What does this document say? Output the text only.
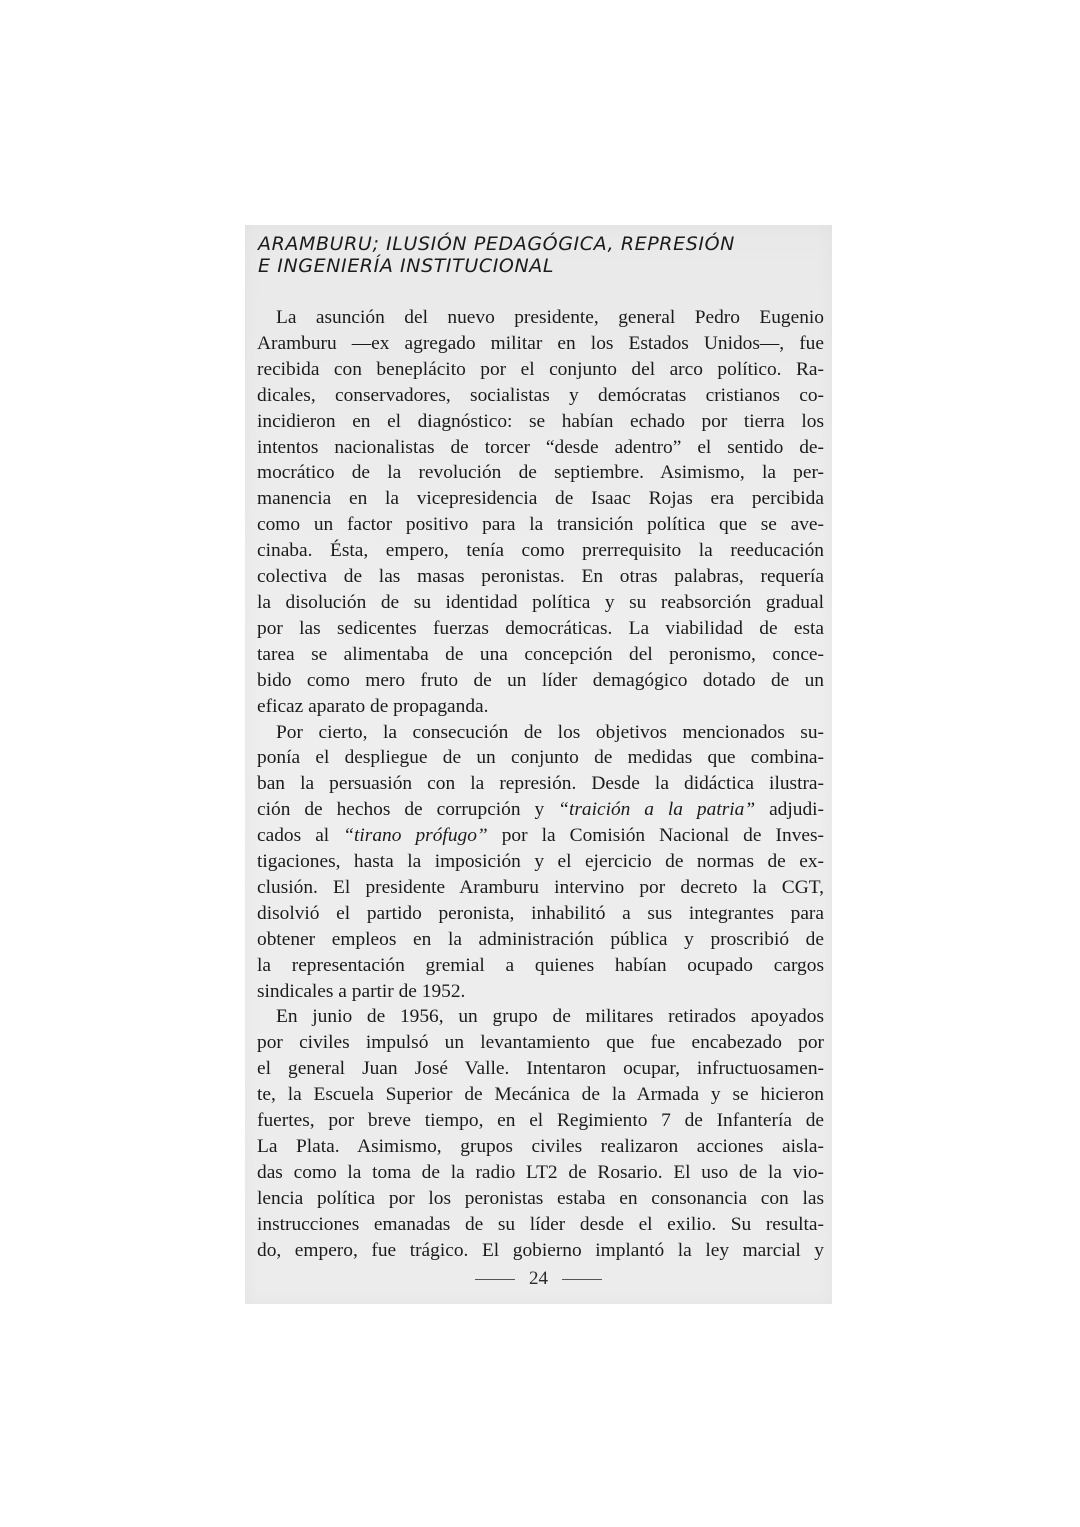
ARAMBURU; ILUSIÓN PEDAGÓGICA, REPRESIÓN
E INGENIERÍA INSTITUCIONAL

La asunción del nuevo presidente, general Pedro Eugenio
Aramburu —ex agregado militar en los Estados Unidos—, fue
recibida con beneplácito por el conjunto del arco político. Ra-
dicales, conservadores, socialistas y demócratas cristianos co-
incidieron en el diagnóstico: se habían echado por tierra los
intentos nacionalistas de torcer “desde adentro” el sentido de-
mocrático de la revolución de septiembre. Asimismo, la per-
manencia en la vicepresidencia de Isaac Rojas era percibida
como un factor positivo para la transición política que se ave-
cinaba. Ésta, empero, tenía como prerrequisito la reeducación
colectiva de las masas peronistas. En otras palabras, requería
la disolución de su identidad política y su reabsorción gradual
por las sedicentes fuerzas democráticas. La viabilidad de esta
tarea se alimentaba de una concepción del peronismo, conce-
bido como mero fruto de un líder demagógico dotado de un
eficaz aparato de propaganda.

Por cierto, la consecución de los objetivos mencionados su-
ponía el despliegue de un conjunto de medidas que combina-
ban la persuasión con la represión. Desde la didáctica ilustra-
ción de hechos de corrupción y “traición a la patria” adjudi-
cados al “tirano prófugo” por la Comisión Nacional de Inves-
tigaciones, hasta la imposición y el ejercicio de normas de ex-
clusión. El presidente Aramburu intervino por decreto la CGT,
disolvió el partido peronista, inhabilitó a sus integrantes para
obtener empleos en la administración pública y proscribió de
la representación gremial a quienes habían ocupado cargos
sindicales a partir de 1952.

En junio de 1956, un grupo de militares retirados apoyados
por civiles impulsó un levantamiento que fue encabezado por
el general Juan José Valle. Intentaron ocupar, infructuosamen-
te, la Escuela Superior de Mecánica de la Armada y se hicieron
fuertes, por breve tiempo, en el Regimiento 7 de Infantería de
La Plata. Asimismo, grupos civiles realizaron acciones aisla-
das como la toma de la radio LT2 de Rosario. El uso de la vio-
lencia política por los peronistas estaba en consonancia con las
instrucciones emanadas de su líder desde el exilio. Su resulta-
do, empero, fue trágico. El gobierno implantó la ley marcial y

24
